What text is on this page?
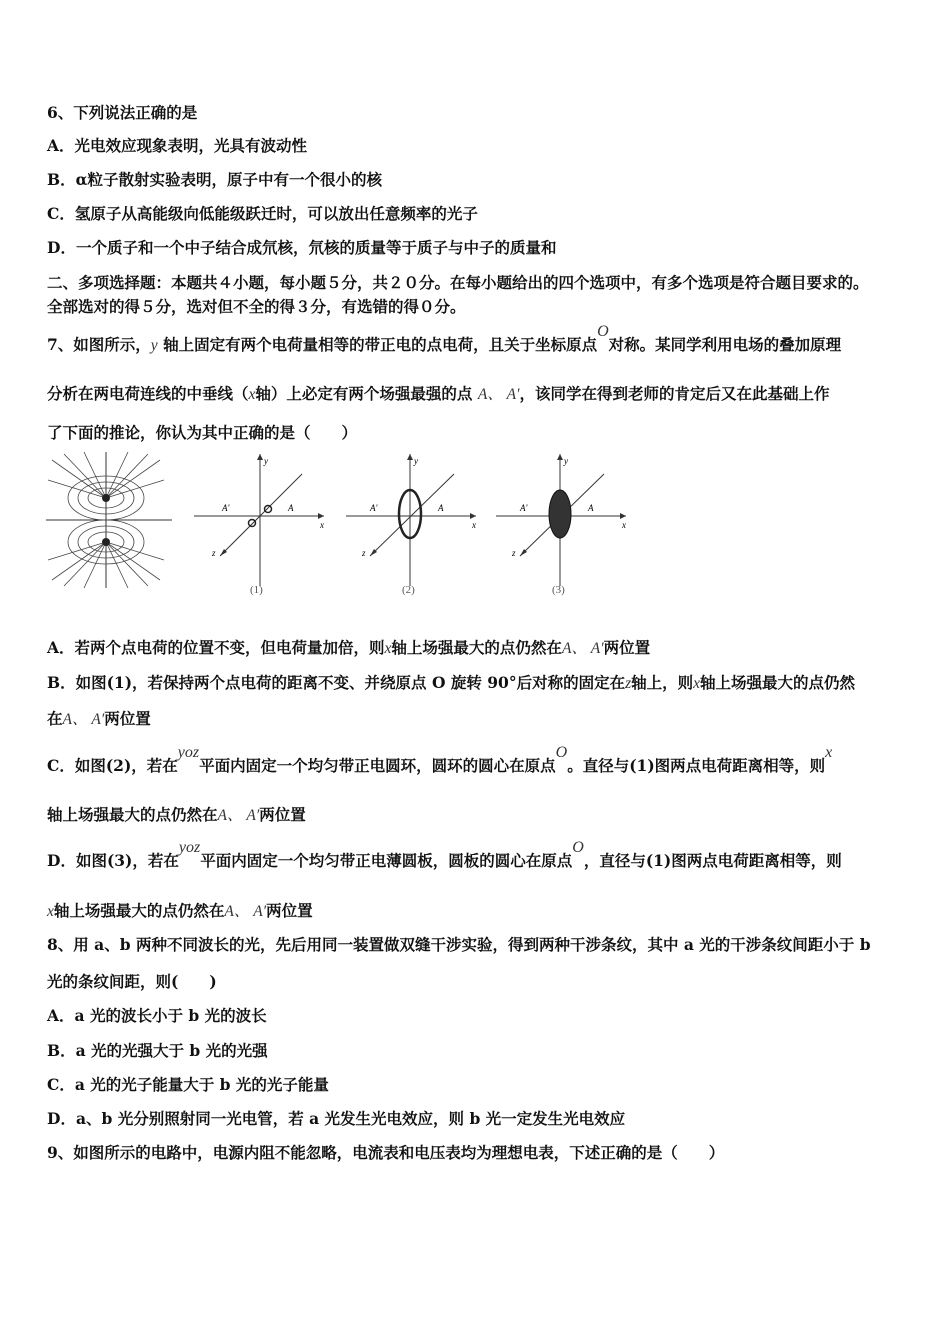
6、下列说法正确的是
A．光电效应现象表明，光具有波动性
B．α粒子散射实验表明，原子中有一个很小的核
C．氢原子从高能级向低能级跃迁时，可以放出任意频率的光子
D．一个质子和一个中子结合成氘核，氘核的质量等于质子与中子的质量和
二、多项选择题：本题共４小题，每小题５分，共２０分。在每小题给出的四个选项中，有多个选项是符合题目要求的。
全部选对的得５分，选对但不全的得３分，有选错的得０分。
7、如图所示，y 轴上固定有两个电荷量相等的带正电的点电荷，且关于坐标原点O对称。某同学利用电场的叠加原理
分析在两电荷连线的中垂线（x轴）上必定有两个场强最强的点 A、 A′，该同学在得到老师的肯定后又在此基础上作
了下面的推论，你认为其中正确的是（　　）
A'	A
y
x
z
(1)
A'	A
y
x
z
(2)
A'	A
y
x
z
(3)
A．若两个点电荷的位置不变，但电荷量加倍，则x轴上场强最大的点仍然在A、 A′两位置
B．如图(1)，若保持两个点电荷的距离不变、并绕原点 O 旋转 90°后对称的固定在z轴上，则x轴上场强最大的点仍然
在A、 A′两位置
C．如图(2)，若在yoz平面内固定一个均匀带正电圆环，圆环的圆心在原点O。直径与(1)图两点电荷距离相等，则x
轴上场强最大的点仍然在A、 A′两位置
D．如图(3)，若在yoz平面内固定一个均匀带正电薄圆板，圆板的圆心在原点O，直径与(1)图两点电荷距离相等，则
x轴上场强最大的点仍然在A、 A′两位置
8、用 a、b 两种不同波长的光，先后用同一装置做双缝干涉实验，得到两种干涉条纹，其中 a 光的干涉条纹间距小于 b
光的条纹间距，则(　　)
A．a 光的波长小于 b 光的波长
B．a 光的光强大于 b 光的光强
C．a 光的光子能量大于 b 光的光子能量
D．a、b 光分别照射同一光电管，若 a 光发生光电效应，则 b 光一定发生光电效应
9、如图所示的电路中，电源内阻不能忽略，电流表和电压表均为理想电表，下述正确的是（　　）
